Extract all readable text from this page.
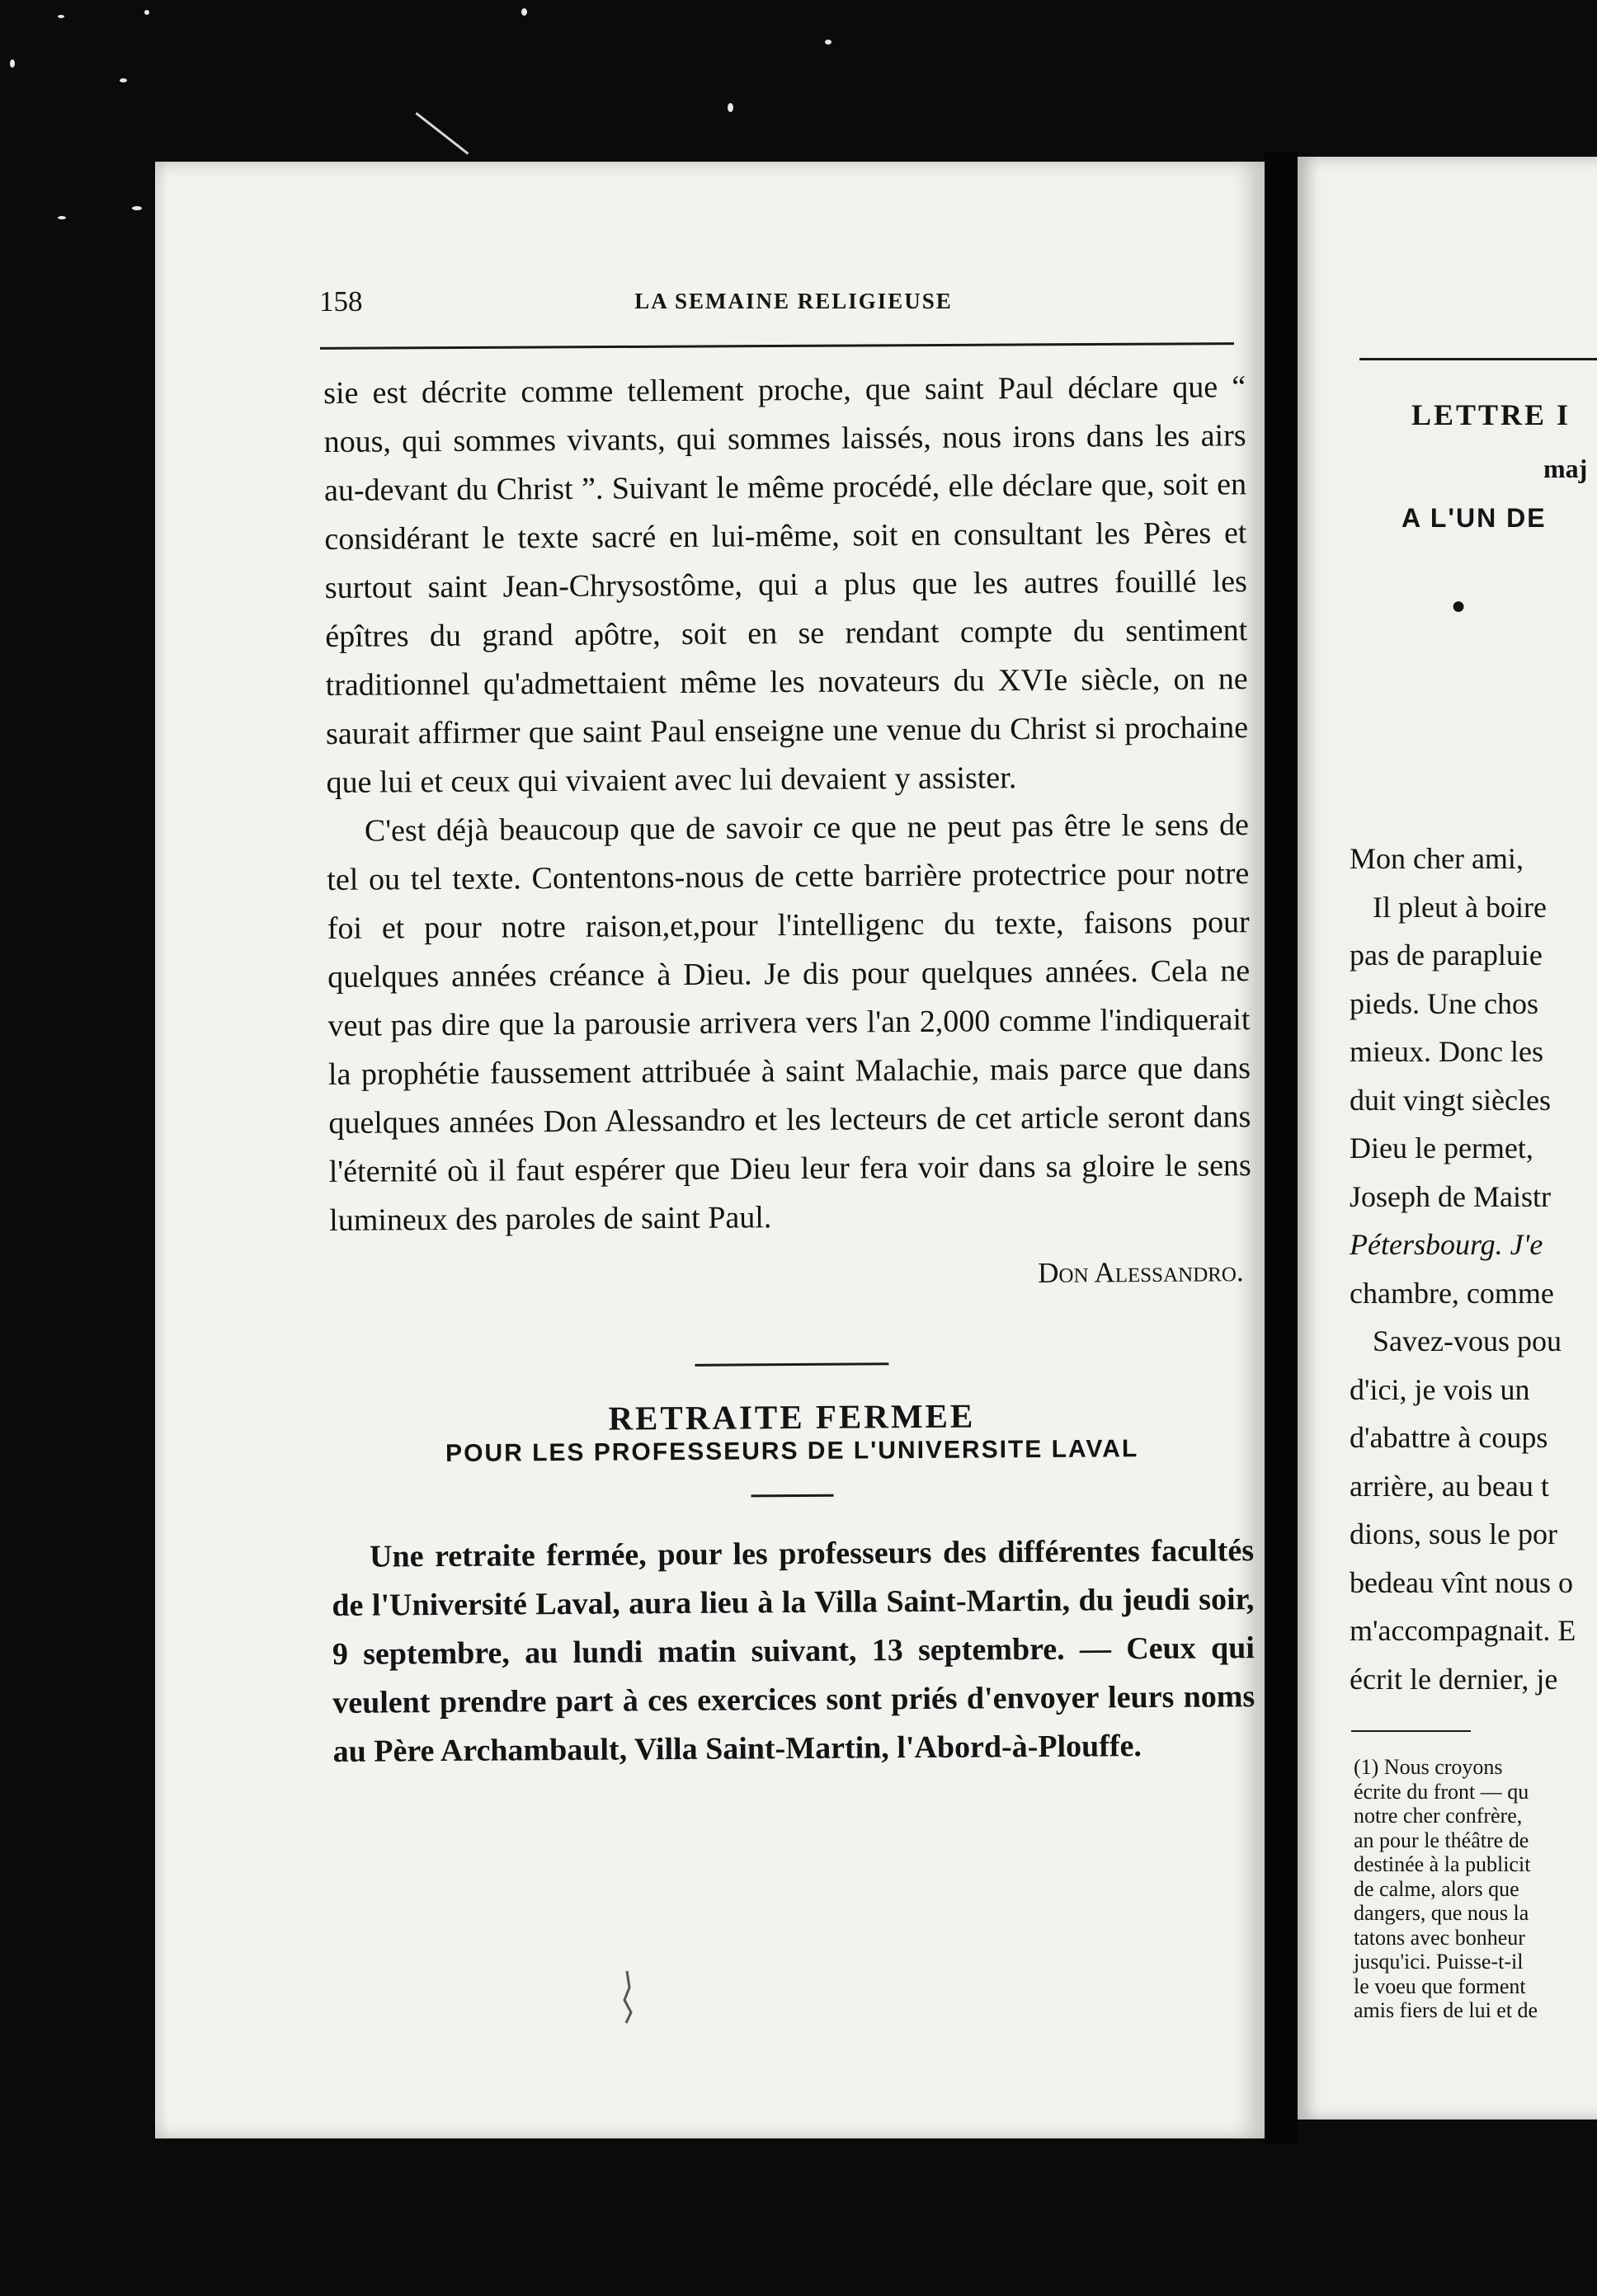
158	LA SEMAINE RELIGIEUSE

sie est décrite comme tellement proche, que saint Paul déclare que “ nous, qui sommes vivants, qui sommes laissés, nous irons dans les airs au-devant du Christ ”. Suivant le même procédé, elle déclare que, soit en considérant le texte sacré en lui-même, soit en consultant les Pères et surtout saint Jean-Chrysostôme, qui a plus que les autres fouillé les épîtres du grand apôtre, soit en se rendant compte du sentiment traditionnel qu'admettaient même les novateurs du XVIe siècle, on ne saurait affirmer que saint Paul enseigne une venue du Christ si prochaine que lui et ceux qui vivaient avec lui devaient y assister.

C'est déjà beaucoup que de savoir ce que ne peut pas être le sens de tel ou tel texte. Contentons-nous de cette barrière protectrice pour notre foi et pour notre raison,et,pour l'intelligenc du texte, faisons pour quelques années créance à Dieu. Je dis pour quelques années. Cela ne veut pas dire que la parousie arrivera vers l'an 2,000 comme l'indiquerait la prophétie faussement attribuée à saint Malachie, mais parce que dans quelques années Don Alessandro et les lecteurs de cet article seront dans l'éternité où il faut espérer que Dieu leur fera voir dans sa gloire le sens lumineux des paroles de saint Paul.

Don Alessandro.
RETRAITE FERMEE
POUR LES PROFESSEURS DE L'UNIVERSITE LAVAL

Une retraite fermée, pour les professeurs des différentes facultés de l'Université Laval, aura lieu à la Villa Saint-Martin, du jeudi soir, 9 septembre, au lundi matin suivant, 13 septembre. — Ceux qui veulent prendre part à ces exercices sont priés d'envoyer leurs noms au Père Archambault, Villa Saint-Martin, l'Abord-à-Plouffe.

LETTRE I
maj
A L'UN DE
●
Mon cher ami,
Il pleut à boire
pas de parapluie
pieds. Une chos
mieux. Donc les
duit vingt siècles
Dieu le permet,
Joseph de Maistr
Pétersbourg. J'e
chambre, comme
Savez-vous pou
d'ici, je vois un
d'abattre à coups
arrière, au beau t
dions, sous le por
bedeau vînt nous o
m'accompagnait. E
écrit le dernier, je
(1) Nous croyons
écrite du front — qu
notre cher confrère,
an pour le théâtre de
destinée à la publicit
de calme, alors que
dangers, que nous la
tatons avec bonheur
jusqu'ici. Puisse-t-il
le voeu que forment
amis fiers de lui et de
